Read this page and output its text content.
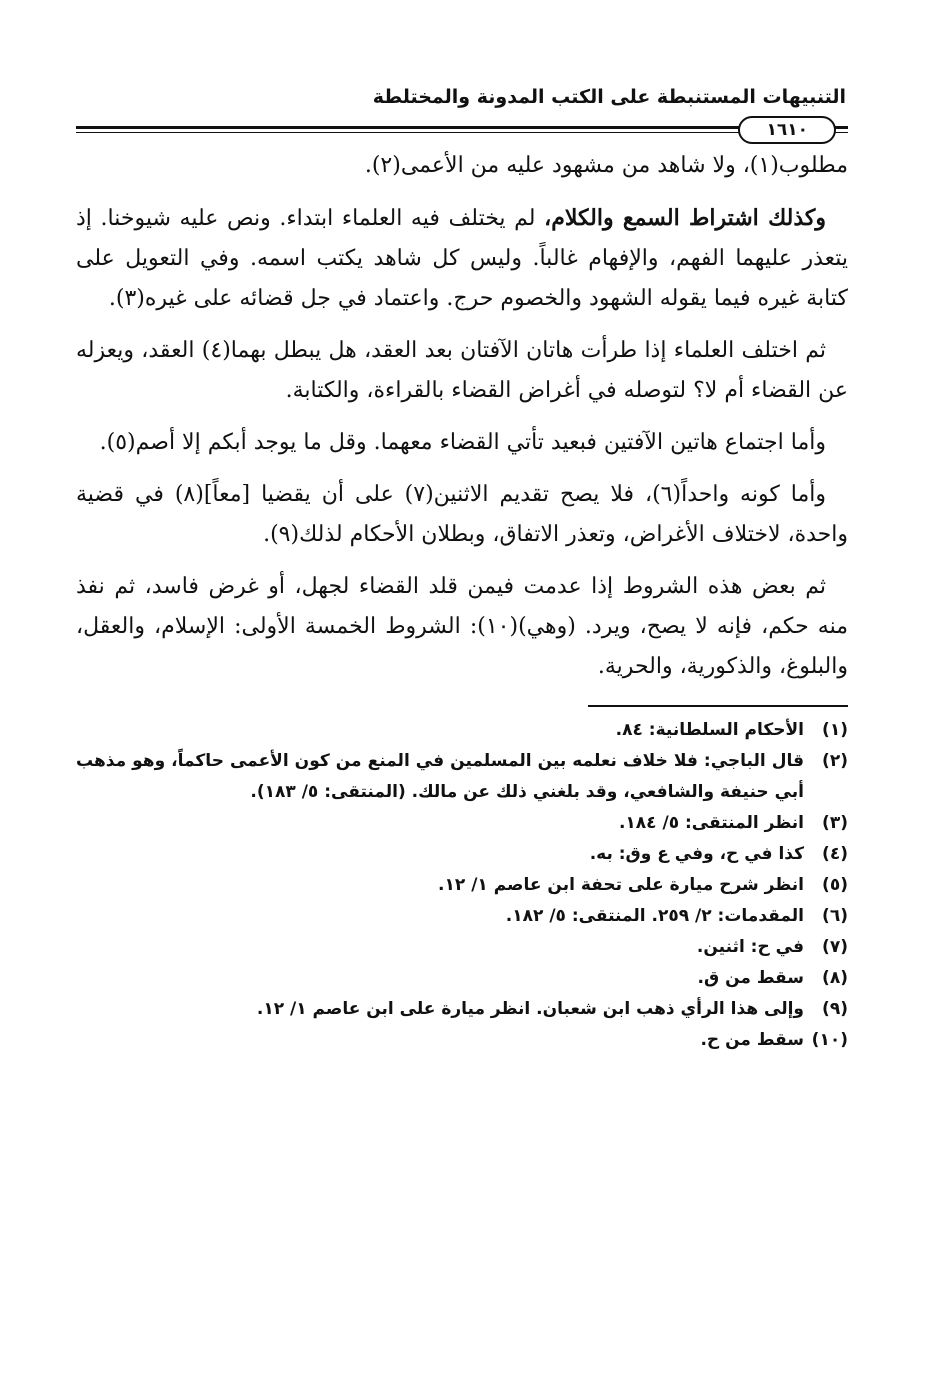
التنبيهات المستنبطة على الكتب المدونة والمختلطة
١٦١٠

مطلوب(١)، ولا شاهد من مشهود عليه من الأعمى(٢).

وكذلك اشتراط السمع والكلام، لم يختلف فيه العلماء ابتداء. ونص عليه شيوخنا. إذ يتعذر عليهما الفهم، والإفهام غالباً. وليس كل شاهد يكتب اسمه. وفي التعويل على كتابة غيره فيما يقوله الشهود والخصوم حرج. واعتماد في جل قضائه على غيره(٣).

ثم اختلف العلماء إذا طرأت هاتان الآفتان بعد العقد، هل يبطل بهما(٤) العقد، ويعزله عن القضاء أم لا؟ لتوصله في أغراض القضاء بالقراءة، والكتابة.

وأما اجتماع هاتين الآفتين فبعيد تأتي القضاء معهما. وقل ما يوجد أبكم إلا أصم(٥).

وأما كونه واحداً(٦)، فلا يصح تقديم الاثنين(٧) على أن يقضيا [معاً](٨) في قضية واحدة، لاختلاف الأغراض، وتعذر الاتفاق، وبطلان الأحكام لذلك(٩).

ثم بعض هذه الشروط إذا عدمت فيمن قلد القضاء لجهل، أو غرض فاسد، ثم نفذ منه حكم، فإنه لا يصح، ويرد. (وهي)(١٠): الشروط الخمسة الأولى: الإسلام، والعقل، والبلوغ، والذكورية، والحرية.

(١)
الأحكام السلطانية: ٨٤.
(٢)
قال الباجي: فلا خلاف نعلمه بين المسلمين في المنع من كون الأعمى حاكماً، وهو مذهب أبي حنيفة والشافعي، وقد بلغني ذلك عن مالك. (المنتقى: ٥/ ١٨٣).
(٣)
انظر المنتقى: ٥/ ١٨٤.
(٤)
كذا في ح، وفي ع وق: به.
(٥)
انظر شرح ميارة على تحفة ابن عاصم ١/ ١٢.
(٦)
المقدمات: ٢/ ٢٥٩. المنتقى: ٥/ ١٨٢.
(٧)
في ح: اثنين.
(٨)
سقط من ق.
(٩)
وإلى هذا الرأي ذهب ابن شعبان. انظر ميارة على ابن عاصم ١/ ١٢.
(١٠)
سقط من ح.
